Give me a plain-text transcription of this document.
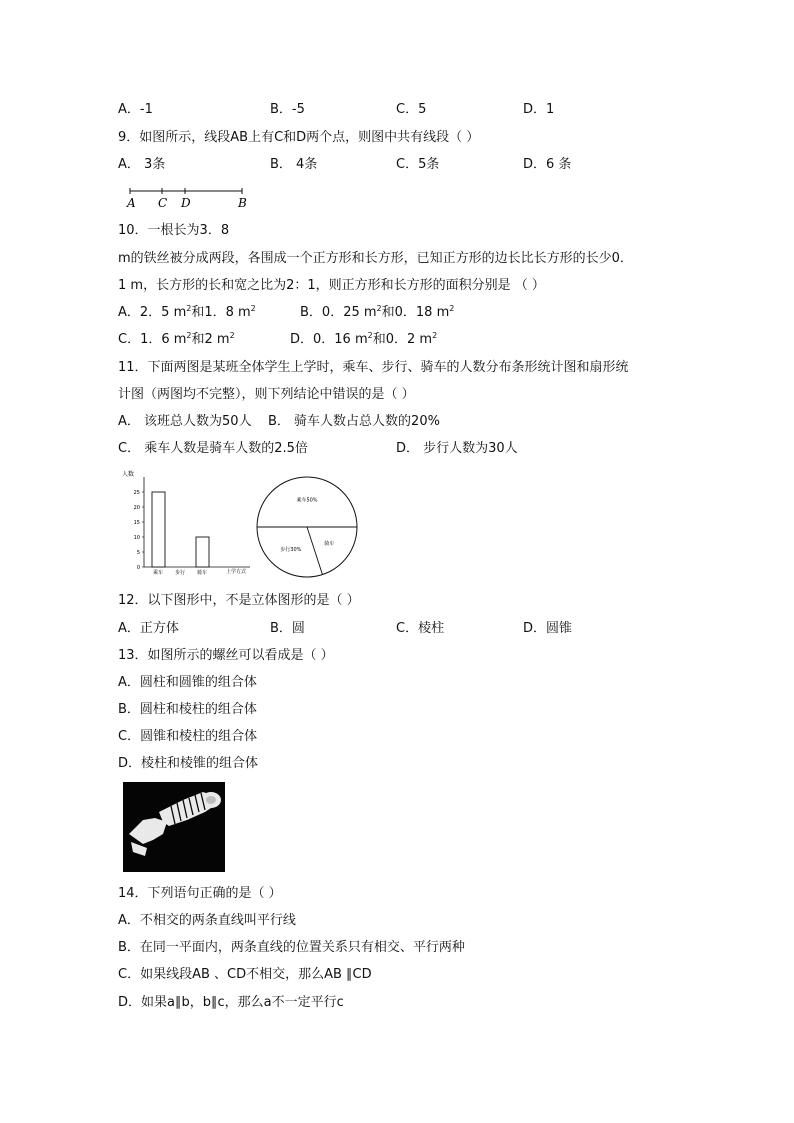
A．-1	B．-5	C．5	D．1
9．如图所示，线段AB上有C和D两个点，则图中共有线段（ ）
A． 3条	B． 4条	C．5条	D．6 条
A C D	B
10．一根长为3．8
m的铁丝被分成两段，各围成一个正方形和长方形，已知正方形的边长比长方形的长少0．
1 m，长方形的长和宽之比为2：1，则正方形和长方形的面积分别是 （ ）
A．2．5 $m^2$和1．8 $m^2$	B．0．25 $m^2$和0．18 $m^2$
C．1．6 $m^2$和2 $m^2$	D．0．16 $m^2$和0．2 $m^2$
11．下面两图是某班全体学生上学时，乘车、步行、骑车的人数分布条形统计图和扇形统
计图（两图均不完整），则下列结论中错误的是（ ）
A． 该班总人数为50人 B． 骑车人数占总人数的20%
C． 乘车人数是骑车人数的2.5倍	D． 步行人数为30人
人数
0
5
10
15
20
25
乘车 步行 骑车	上学方式
乘车50%
骑车
步行30%
12．以下图形中，不是立体图形的是（ ）
A．正方体	B．圆	C．棱柱	D．圆锥
13．如图所示的螺丝可以看成是（ ）
A．圆柱和圆锥的组合体
B．圆柱和棱柱的组合体
C．圆锥和棱柱的组合体
D．棱柱和棱锥的组合体
14．下列语句正确的是（ ）
A．不相交的两条直线叫平行线
B．在同一平面内，两条直线的位置关系只有相交、平行两种
C．如果线段AB 、CD不相交，那么AB ∥CD
D．如果a∥b，b∥c，那么a不一定平行c
